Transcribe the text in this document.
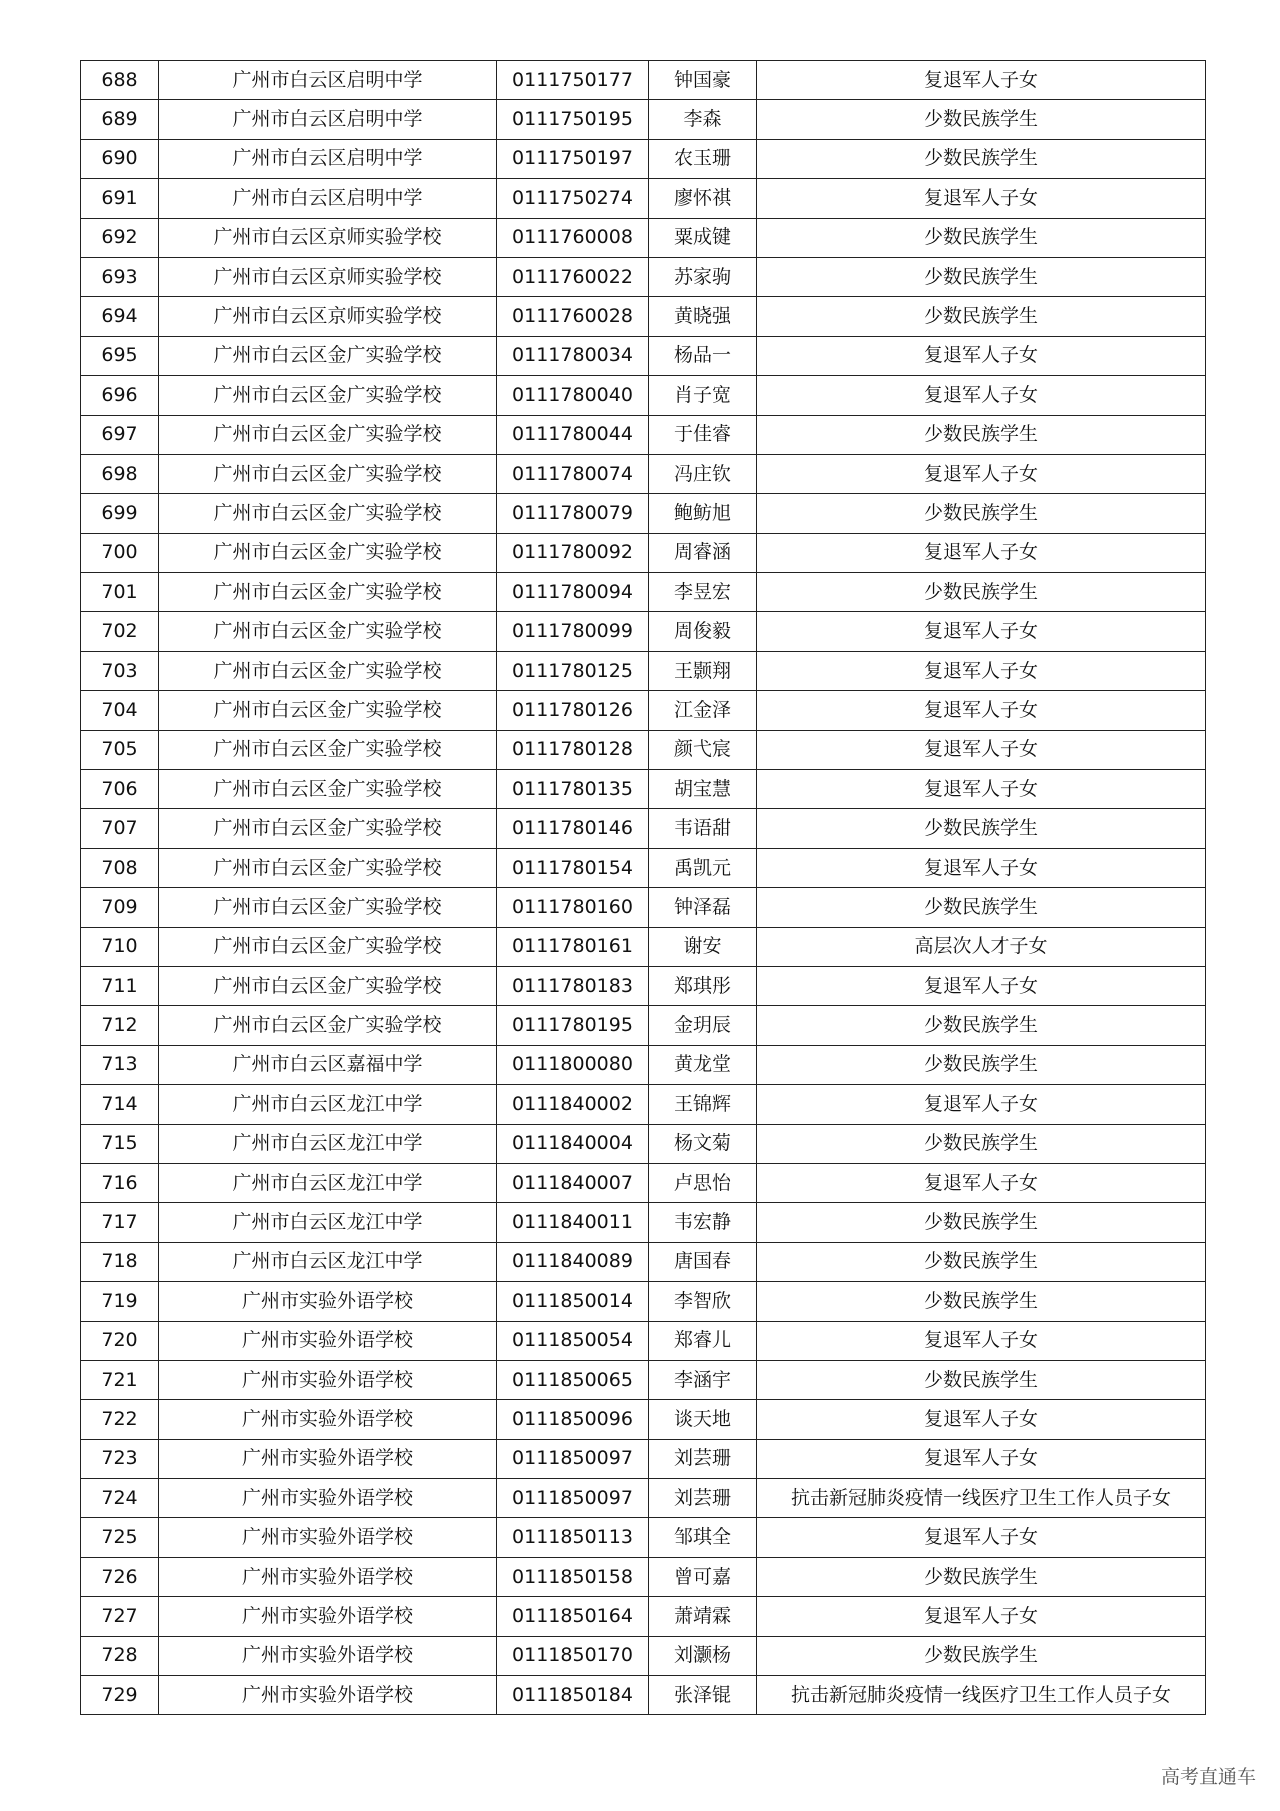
688	广州市白云区启明中学	0111750177	钟国豪	复退军人子女
689	广州市白云区启明中学	0111750195	李森	少数民族学生
690	广州市白云区启明中学	0111750197	农玉珊	少数民族学生
691	广州市白云区启明中学	0111750274	廖怀祺	复退军人子女
692	广州市白云区京师实验学校	0111760008	粟成键	少数民族学生
693	广州市白云区京师实验学校	0111760022	苏家驹	少数民族学生
694	广州市白云区京师实验学校	0111760028	黄晓强	少数民族学生
695	广州市白云区金广实验学校	0111780034	杨品一	复退军人子女
696	广州市白云区金广实验学校	0111780040	肖子宽	复退军人子女
697	广州市白云区金广实验学校	0111780044	于佳睿	少数民族学生
698	广州市白云区金广实验学校	0111780074	冯庄钦	复退军人子女
699	广州市白云区金广实验学校	0111780079	鲍鲂旭	少数民族学生
700	广州市白云区金广实验学校	0111780092	周睿涵	复退军人子女
701	广州市白云区金广实验学校	0111780094	李昱宏	少数民族学生
702	广州市白云区金广实验学校	0111780099	周俊毅	复退军人子女
703	广州市白云区金广实验学校	0111780125	王颢翔	复退军人子女
704	广州市白云区金广实验学校	0111780126	江金泽	复退军人子女
705	广州市白云区金广实验学校	0111780128	颜弋宸	复退军人子女
706	广州市白云区金广实验学校	0111780135	胡宝慧	复退军人子女
707	广州市白云区金广实验学校	0111780146	韦语甜	少数民族学生
708	广州市白云区金广实验学校	0111780154	禹凯元	复退军人子女
709	广州市白云区金广实验学校	0111780160	钟泽磊	少数民族学生
710	广州市白云区金广实验学校	0111780161	谢安	高层次人才子女
711	广州市白云区金广实验学校	0111780183	郑琪彤	复退军人子女
712	广州市白云区金广实验学校	0111780195	金玥辰	少数民族学生
713	广州市白云区嘉福中学	0111800080	黄龙堂	少数民族学生
714	广州市白云区龙江中学	0111840002	王锦辉	复退军人子女
715	广州市白云区龙江中学	0111840004	杨文菊	少数民族学生
716	广州市白云区龙江中学	0111840007	卢思怡	复退军人子女
717	广州市白云区龙江中学	0111840011	韦宏静	少数民族学生
718	广州市白云区龙江中学	0111840089	唐国春	少数民族学生
719	广州市实验外语学校	0111850014	李智欣	少数民族学生
720	广州市实验外语学校	0111850054	郑睿儿	复退军人子女
721	广州市实验外语学校	0111850065	李涵宇	少数民族学生
722	广州市实验外语学校	0111850096	谈天地	复退军人子女
723	广州市实验外语学校	0111850097	刘芸珊	复退军人子女
724	广州市实验外语学校	0111850097	刘芸珊	抗击新冠肺炎疫情一线医疗卫生工作人员子女
725	广州市实验外语学校	0111850113	邹琪全	复退军人子女
726	广州市实验外语学校	0111850158	曾可嘉	少数民族学生
727	广州市实验外语学校	0111850164	萧靖霖	复退军人子女
728	广州市实验外语学校	0111850170	刘灏杨	少数民族学生
729	广州市实验外语学校	0111850184	张泽锟	抗击新冠肺炎疫情一线医疗卫生工作人员子女
高考直通车
